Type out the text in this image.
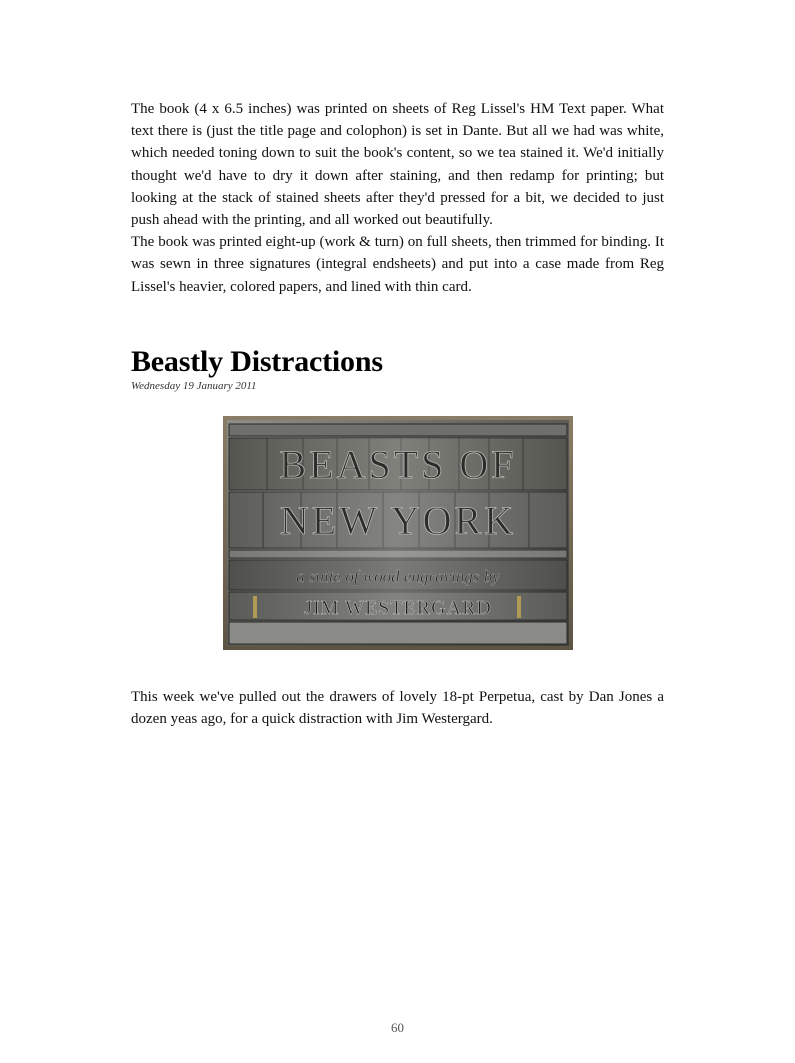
The book (4 x 6.5 inches) was printed on sheets of Reg Lissel's HM Text paper. What text there is (just the title page and colophon) is set in Dante. But all we had was white, which needed toning down to suit the book's content, so we tea stained it. We'd initially thought we'd have to dry it down after staining, and then redamp for printing; but looking at the stack of stained sheets after they'd pressed for a bit, we decided to just push ahead with the printing, and all worked out beautifully.

The book was printed eight-up (work & turn) on full sheets, then trimmed for binding. It was sewn in three signatures (integral endsheets) and put into a case made from Reg Lissel's heavier, colored papers, and lined with thin card.

Beastly Distractions
Wednesday 19 January 2011
BEASTS OF
NEW YORK
a suite of wood engravings by
JIM WESTERGARD

This week we've pulled out the drawers of lovely 18-pt Perpetua, cast by Dan Jones a dozen yeas ago, for a quick distraction with Jim Westergard.

60
